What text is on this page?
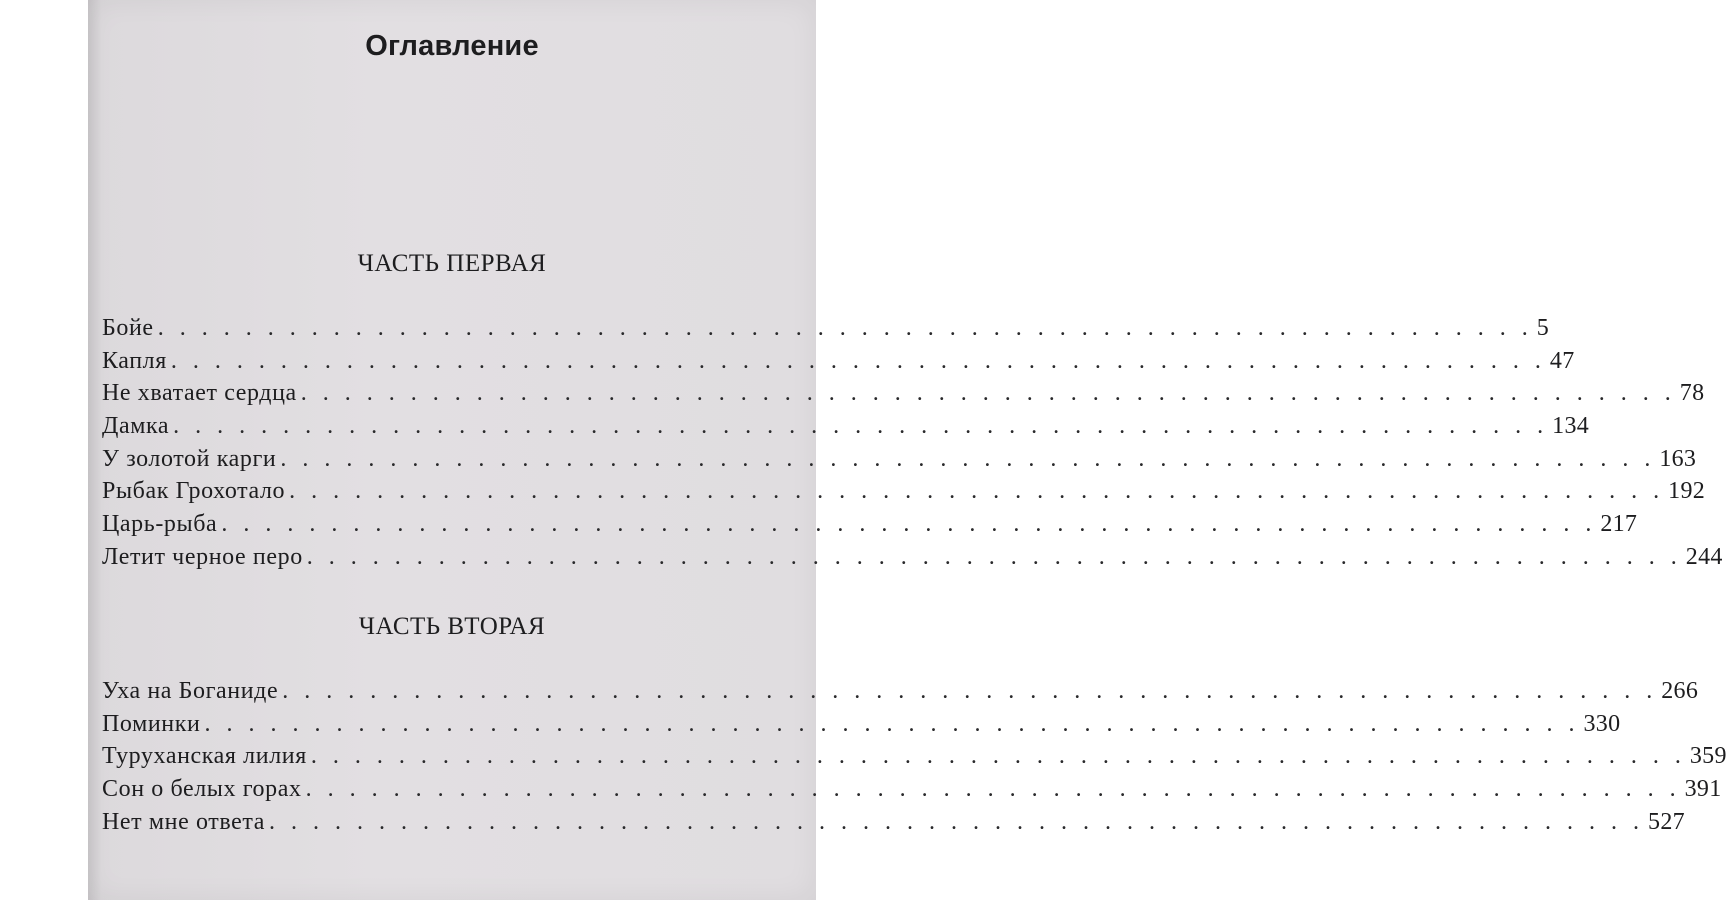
Оглавление
ЧАСТЬ ПЕРВАЯ
Бойе . . . . . . . . . . . . . . . . . . . . . . . . . . . . . . . . . . . . . . . . . . . . . . . . . . . . . . . . . . . . . . . 5
Капля . . . . . . . . . . . . . . . . . . . . . . . . . . . . . . . . . . . . . . . . . . . . . . . . . . . . . . . . . . . . . . . 47
Не хватает сердца . . . . . . . . . . . . . . . . . . . . . . . . . . . . . . . . . . . . . . . . . . . . . . . . . . . . . . . . . . . . . . . 78
Дамка . . . . . . . . . . . . . . . . . . . . . . . . . . . . . . . . . . . . . . . . . . . . . . . . . . . . . . . . . . . . . . . 134
У золотой карги . . . . . . . . . . . . . . . . . . . . . . . . . . . . . . . . . . . . . . . . . . . . . . . . . . . . . . . . . . . . . . . 163
Рыбак Грохотало . . . . . . . . . . . . . . . . . . . . . . . . . . . . . . . . . . . . . . . . . . . . . . . . . . . . . . . . . . . . . . . 192
Царь-рыба . . . . . . . . . . . . . . . . . . . . . . . . . . . . . . . . . . . . . . . . . . . . . . . . . . . . . . . . . . . . . . . 217
Летит черное перо . . . . . . . . . . . . . . . . . . . . . . . . . . . . . . . . . . . . . . . . . . . . . . . . . . . . . . . . . . . . . . . 244
ЧАСТЬ ВТОРАЯ
Уха на Боганиде . . . . . . . . . . . . . . . . . . . . . . . . . . . . . . . . . . . . . . . . . . . . . . . . . . . . . . . . . . . . . . . 266
Поминки . . . . . . . . . . . . . . . . . . . . . . . . . . . . . . . . . . . . . . . . . . . . . . . . . . . . . . . . . . . . . . . 330
Туруханская лилия . . . . . . . . . . . . . . . . . . . . . . . . . . . . . . . . . . . . . . . . . . . . . . . . . . . . . . . . . . . . . . . 359
Сон о белых горах . . . . . . . . . . . . . . . . . . . . . . . . . . . . . . . . . . . . . . . . . . . . . . . . . . . . . . . . . . . . . . . 391
Нет мне ответа . . . . . . . . . . . . . . . . . . . . . . . . . . . . . . . . . . . . . . . . . . . . . . . . . . . . . . . . . . . . . . . 527
